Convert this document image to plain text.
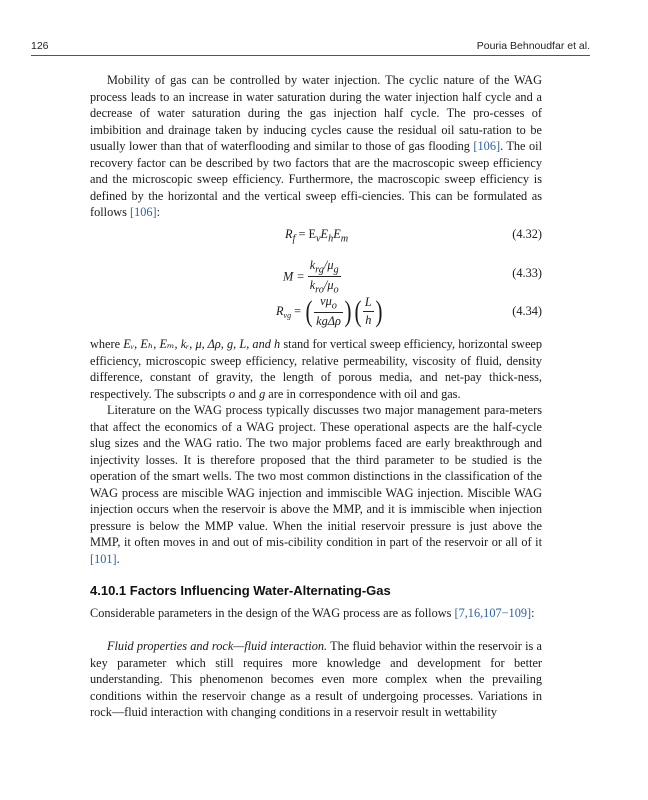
126	Pouria Behnoudfar et al.

Mobility of gas can be controlled by water injection. The cyclic nature of the WAG process leads to an increase in water saturation during the water injection half cycle and a decrease of water saturation during the gas injection half cycle. The pro-cesses of imbibition and drainage taken by inducing cycles cause the residual oil satu-ration to be usually lower than that of waterflooding and similar to those of gas flooding [106]. The oil recovery factor can be described by two factors that are the macroscopic sweep efficiency and the microscopic sweep efficiency. Furthermore, the macroscopic sweep efficiency is defined by the horizontal and the vertical sweep effi-ciencies. This can be formulated as follows [106]:

$R_f = E_vE_hE_m$	(4.32)
$M = \frac{k_{rg}/\mu_g}{k_{ro}/\mu_o}$	(4.33)
$R_{vg}$ = ( $\frac{v\mu_o}{\text{kgΔρ}}$ ) ( $\frac{L}{h}$ )	(4.34)

where Eᵥ, Eₕ, Eₘ, kᵣ, μ, Δρ, g, L, and h stand for vertical sweep efficiency, horizontal sweep efficiency, microscopic sweep efficiency, relative permeability, viscosity of fluid, density difference, constant of gravity, the length of porous media, and net-pay thick-ness, respectively. The subscripts o and g are in correspondence with oil and gas.

Literature on the WAG process typically discusses two major management para-meters that affect the economics of a WAG project. These operational aspects are the half-cycle slug sizes and the WAG ratio. The two major problems faced are early breakthrough and injectivity losses. It is therefore proposed that the third parameter to be studied is the operation of the smart wells. The two most common distinctions in the classification of the WAG process are miscible WAG injection and immiscible WAG injection. Miscible WAG injection occurs when the reservoir is above the MMP, and it is immiscible when injection pressure is below the MMP value. When the initial reservoir pressure is just above the MMP, it often moves in and out of mis-cibility condition in part of the reservoir or all of it [101].

4.10.1 Factors Influencing Water-Alternating-Gas

Considerable parameters in the design of the WAG process are as follows [7,16,107−109]:

Fluid properties and rock—fluid interaction. The fluid behavior within the reservoir is a key parameter which still requires more knowledge and development for better understanding. This phenomenon becomes even more complex when the prevailing conditions within the reservoir change as a result of undergoing processes. Variations in rock—fluid interaction with changing conditions in a reservoir result in wettability
